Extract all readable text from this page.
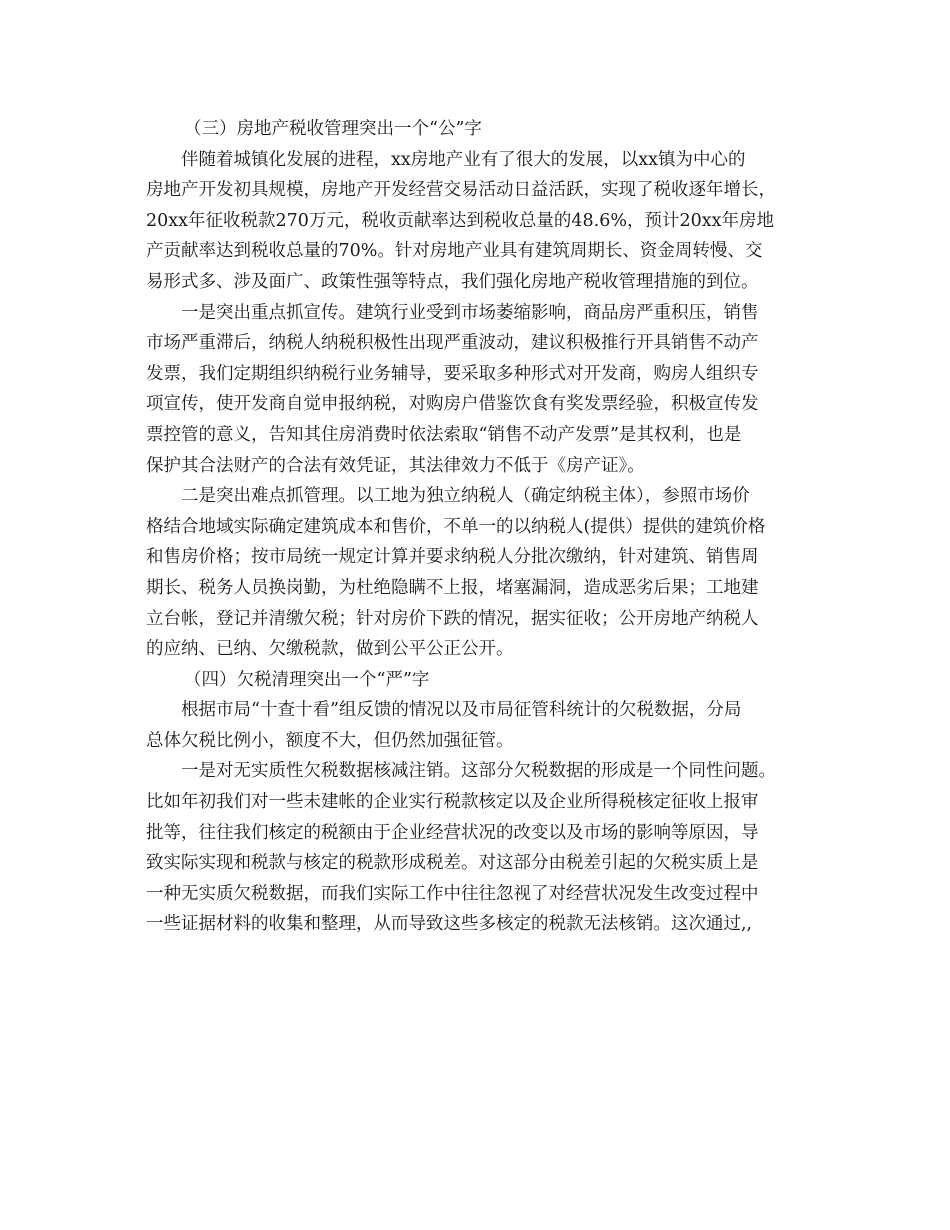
（三）房地产税收管理突出一个“公”字
伴随着城镇化发展的进程，xx房地产业有了很大的发展，以xx镇为中心的
房地产开发初具规模，房地产开发经营交易活动日益活跃，实现了税收逐年增长，
20xx年征收税款270万元，税收贡献率达到税收总量的48.6%，预计20xx年房地
产贡献率达到税收总量的70%。针对房地产业具有建筑周期长、资金周转慢、交
易形式多、涉及面广、政策性强等特点，我们强化房地产税收管理措施的到位。
一是突出重点抓宣传。建筑行业受到市场萎缩影响，商品房严重积压，销售
市场严重滞后，纳税人纳税积极性出现严重波动，建议积极推行开具销售不动产
发票，我们定期组织纳税行业务辅导，要采取多种形式对开发商，购房人组织专
项宣传，使开发商自觉申报纳税，对购房户借鉴饮食有奖发票经验，积极宣传发
票控管的意义，告知其住房消费时依法索取“销售不动产发票”是其权利，也是
保护其合法财产的合法有效凭证，其法律效力不低于《房产证》。
二是突出难点抓管理。以工地为独立纳税人（确定纳税主体），参照市场价
格结合地域实际确定建筑成本和售价，不单一的以纳税人(提供）提供的建筑价格
和售房价格；按市局统一规定计算并要求纳税人分批次缴纳，针对建筑、销售周
期长、税务人员换岗勤，为杜绝隐瞒不上报，堵塞漏洞，造成恶劣后果；工地建
立台帐，登记并清缴欠税；针对房价下跌的情况，据实征收；公开房地产纳税人
的应纳、已纳、欠缴税款，做到公平公正公开。
（四）欠税清理突出一个“严”字
根据市局“十查十看”组反馈的情况以及市局征管科统计的欠税数据，分局
总体欠税比例小，额度不大，但仍然加强征管。
一是对无实质性欠税数据核减注销。这部分欠税数据的形成是一个同性问题。
比如年初我们对一些未建帐的企业实行税款核定以及企业所得税核定征收上报审
批等，往往我们核定的税额由于企业经营状况的改变以及市场的影响等原因，导
致实际实现和税款与核定的税款形成税差。对这部分由税差引起的欠税实质上是
一种无实质欠税数据，而我们实际工作中往往忽视了对经营状况发生改变过程中
一些证据材料的收集和整理，从而导致这些多核定的税款无法核销。这次通过,,
